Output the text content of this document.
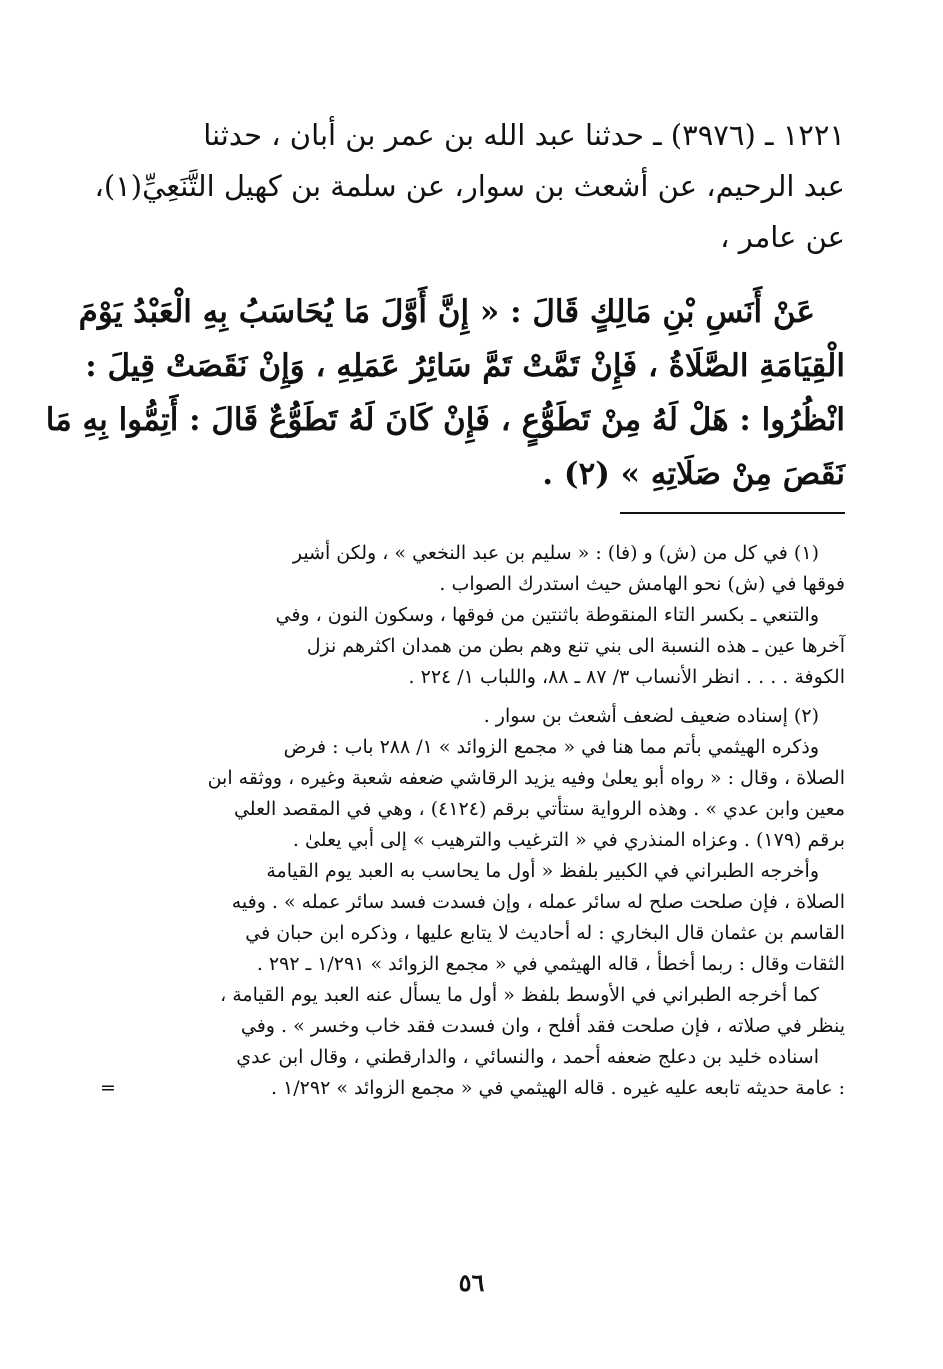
١٢٢١ ـ (٣٩٧٦) ـ حدثنا عبد الله بن عمر بن أبان ، حدثنا
عبد الرحيم، عن أشعث بن سوار، عن سلمة بن كهيل التَّنَعِيِّ(١)،
عن عامر ،
عَنْ أَنَسِ بْنِ مَالِكٍ قَالَ : « إِنَّ أَوَّلَ مَا يُحَاسَبُ بِهِ الْعَبْدُ يَوْمَ
الْقِيَامَةِ الصَّلَاةُ ، فَإِنْ تَمَّتْ تَمَّ سَائِرُ عَمَلِهِ ، وَإِنْ نَقَصَتْ قِيلَ :
انْظُرُوا : هَلْ لَهُ مِنْ تَطَوُّعٍ ، فَإِنْ كَانَ لَهُ تَطَوُّعٌ قَالَ : أَتِمُّوا بِهِ مَا
نَقَصَ مِنْ صَلَاتِهِ » (٢) .
(١) في كل من (ش) و (فا) : « سليم بن عبد النخعي » ، ولكن أشير
فوقها في (ش) نحو الهامش حيث استدرك الصواب .
والتنعي ـ بكسر التاء المنقوطة باثنتين من فوقها ، وسكون النون ، وفي
آخرها عين ـ هذه النسبة الى بني تنع وهم بطن من همدان اكثرهم نزل
الكوفة . . . . انظر الأنساب ٣/ ٨٧ ـ ٨٨، واللباب ١/ ٢٢٤ .
(٢) إسناده ضعيف لضعف أشعث بن سوار .
وذكره الهيثمي بأتم مما هنا في « مجمع الزوائد » ١/ ٢٨٨ باب : فرض
الصلاة ، وقال : « رواه أبو يعلىٰ وفيه يزيد الرقاشي ضعفه شعبة وغيره ، ووثقه ابن
معين وابن عدي » . وهذه الرواية ستأتي برقم (٤١٢٤) ، وهي في المقصد العلي
برقم (١٧٩) . وعزاه المنذري في « الترغيب والترهيب » إلى أبي يعلىٰ .
وأخرجه الطبراني في الكبير بلفظ « أول ما يحاسب به العبد يوم القيامة
الصلاة ، فإن صلحت صلح له سائر عمله ، وإن فسدت فسد سائر عمله » . وفيه
القاسم بن عثمان قال البخاري : له أحاديث لا يتابع عليها ، وذكره ابن حبان في
الثقات وقال : ربما أخطأ ، قاله الهيثمي في « مجمع الزوائد » ١/٢٩١ ـ ٢٩٢ .
كما أخرجه الطبراني في الأوسط بلفظ « أول ما يسأل عنه العبد يوم القيامة ،
ينظر في صلاته ، فإن صلحت فقد أفلح ، وان فسدت فقد خاب وخسر » . وفي
اسناده خليد بن دعلج ضعفه أحمد ، والنسائي ، والدارقطني ، وقال ابن عدي
: عامة حديثه تابعه عليه غيره . قاله الهيثمي في « مجمع الزوائد » ١/٢٩٢ .
=
٥٦
